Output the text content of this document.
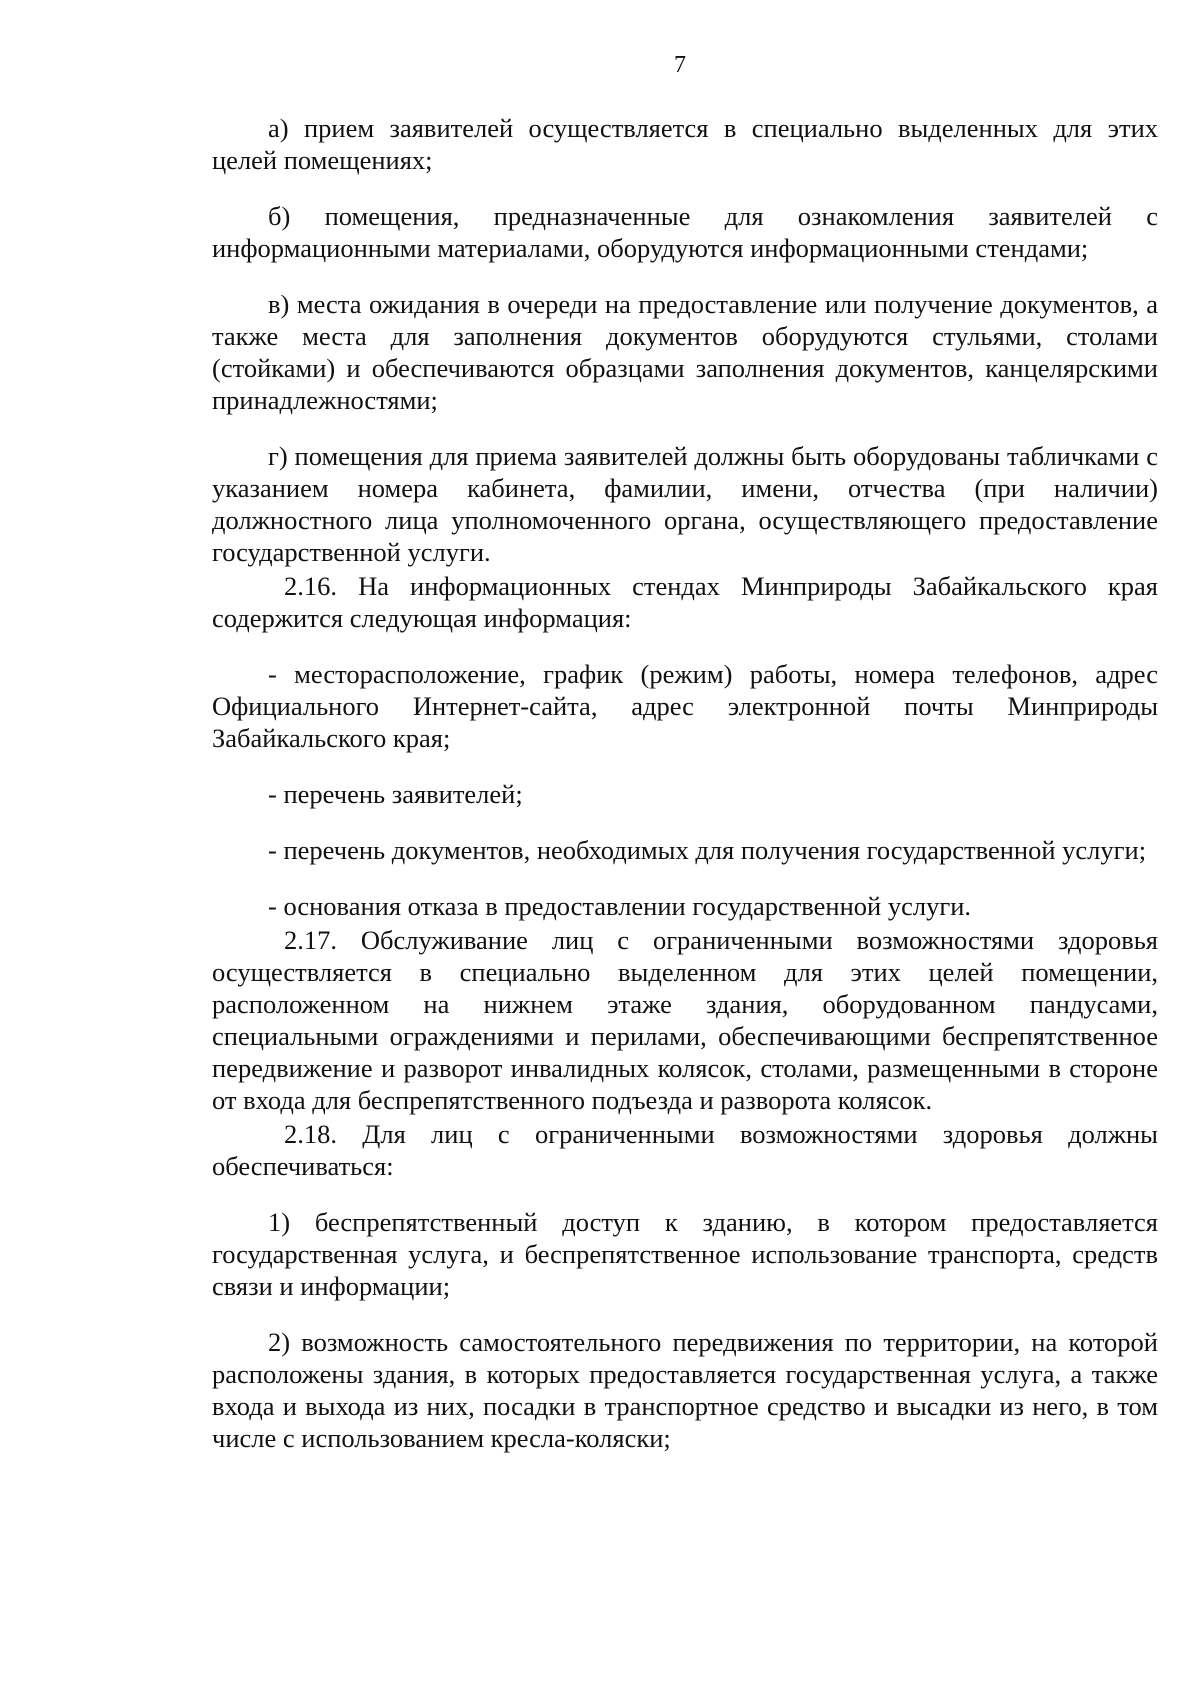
7

а) прием заявителей осуществляется в специально выделенных для этих целей помещениях;

б) помещения, предназначенные для ознакомления заявителей с информационными материалами, оборудуются информационными стендами;

в) места ожидания в очереди на предоставление или получение документов, а также места для заполнения документов оборудуются стульями, столами (стойками) и обеспечиваются образцами заполнения документов, канцелярскими принадлежностями;

г) помещения для приема заявителей должны быть оборудованы табличками с указанием номера кабинета, фамилии, имени, отчества (при наличии) должностного лица уполномоченного органа, осуществляющего предоставление государственной услуги.

2.16. На информационных стендах Минприроды Забайкальского края содержится следующая информация:

- месторасположение, график (режим) работы, номера телефонов, адрес Официального Интернет-сайта, адрес электронной почты Минприроды Забайкальского края;

- перечень заявителей;

- перечень документов, необходимых для получения государственной услуги;

- основания отказа в предоставлении государственной услуги.

2.17. Обслуживание лиц с ограниченными возможностями здоровья осуществляется в специально выделенном для этих целей помещении, расположенном на нижнем этаже здания, оборудованном пандусами, специальными ограждениями и перилами, обеспечивающими беспрепятственное передвижение и разворот инвалидных колясок, столами, размещенными в стороне от входа для беспрепятственного подъезда и разворота колясок.

2.18. Для лиц с ограниченными возможностями здоровья должны обеспечиваться:

1) беспрепятственный доступ к зданию, в котором предоставляется государственная услуга, и беспрепятственное использование транспорта, средств связи и информации;

2) возможность самостоятельного передвижения по территории, на которой расположены здания, в которых предоставляется государственная услуга, а также входа и выхода из них, посадки в транспортное средство и высадки из него, в том числе с использованием кресла-коляски;
